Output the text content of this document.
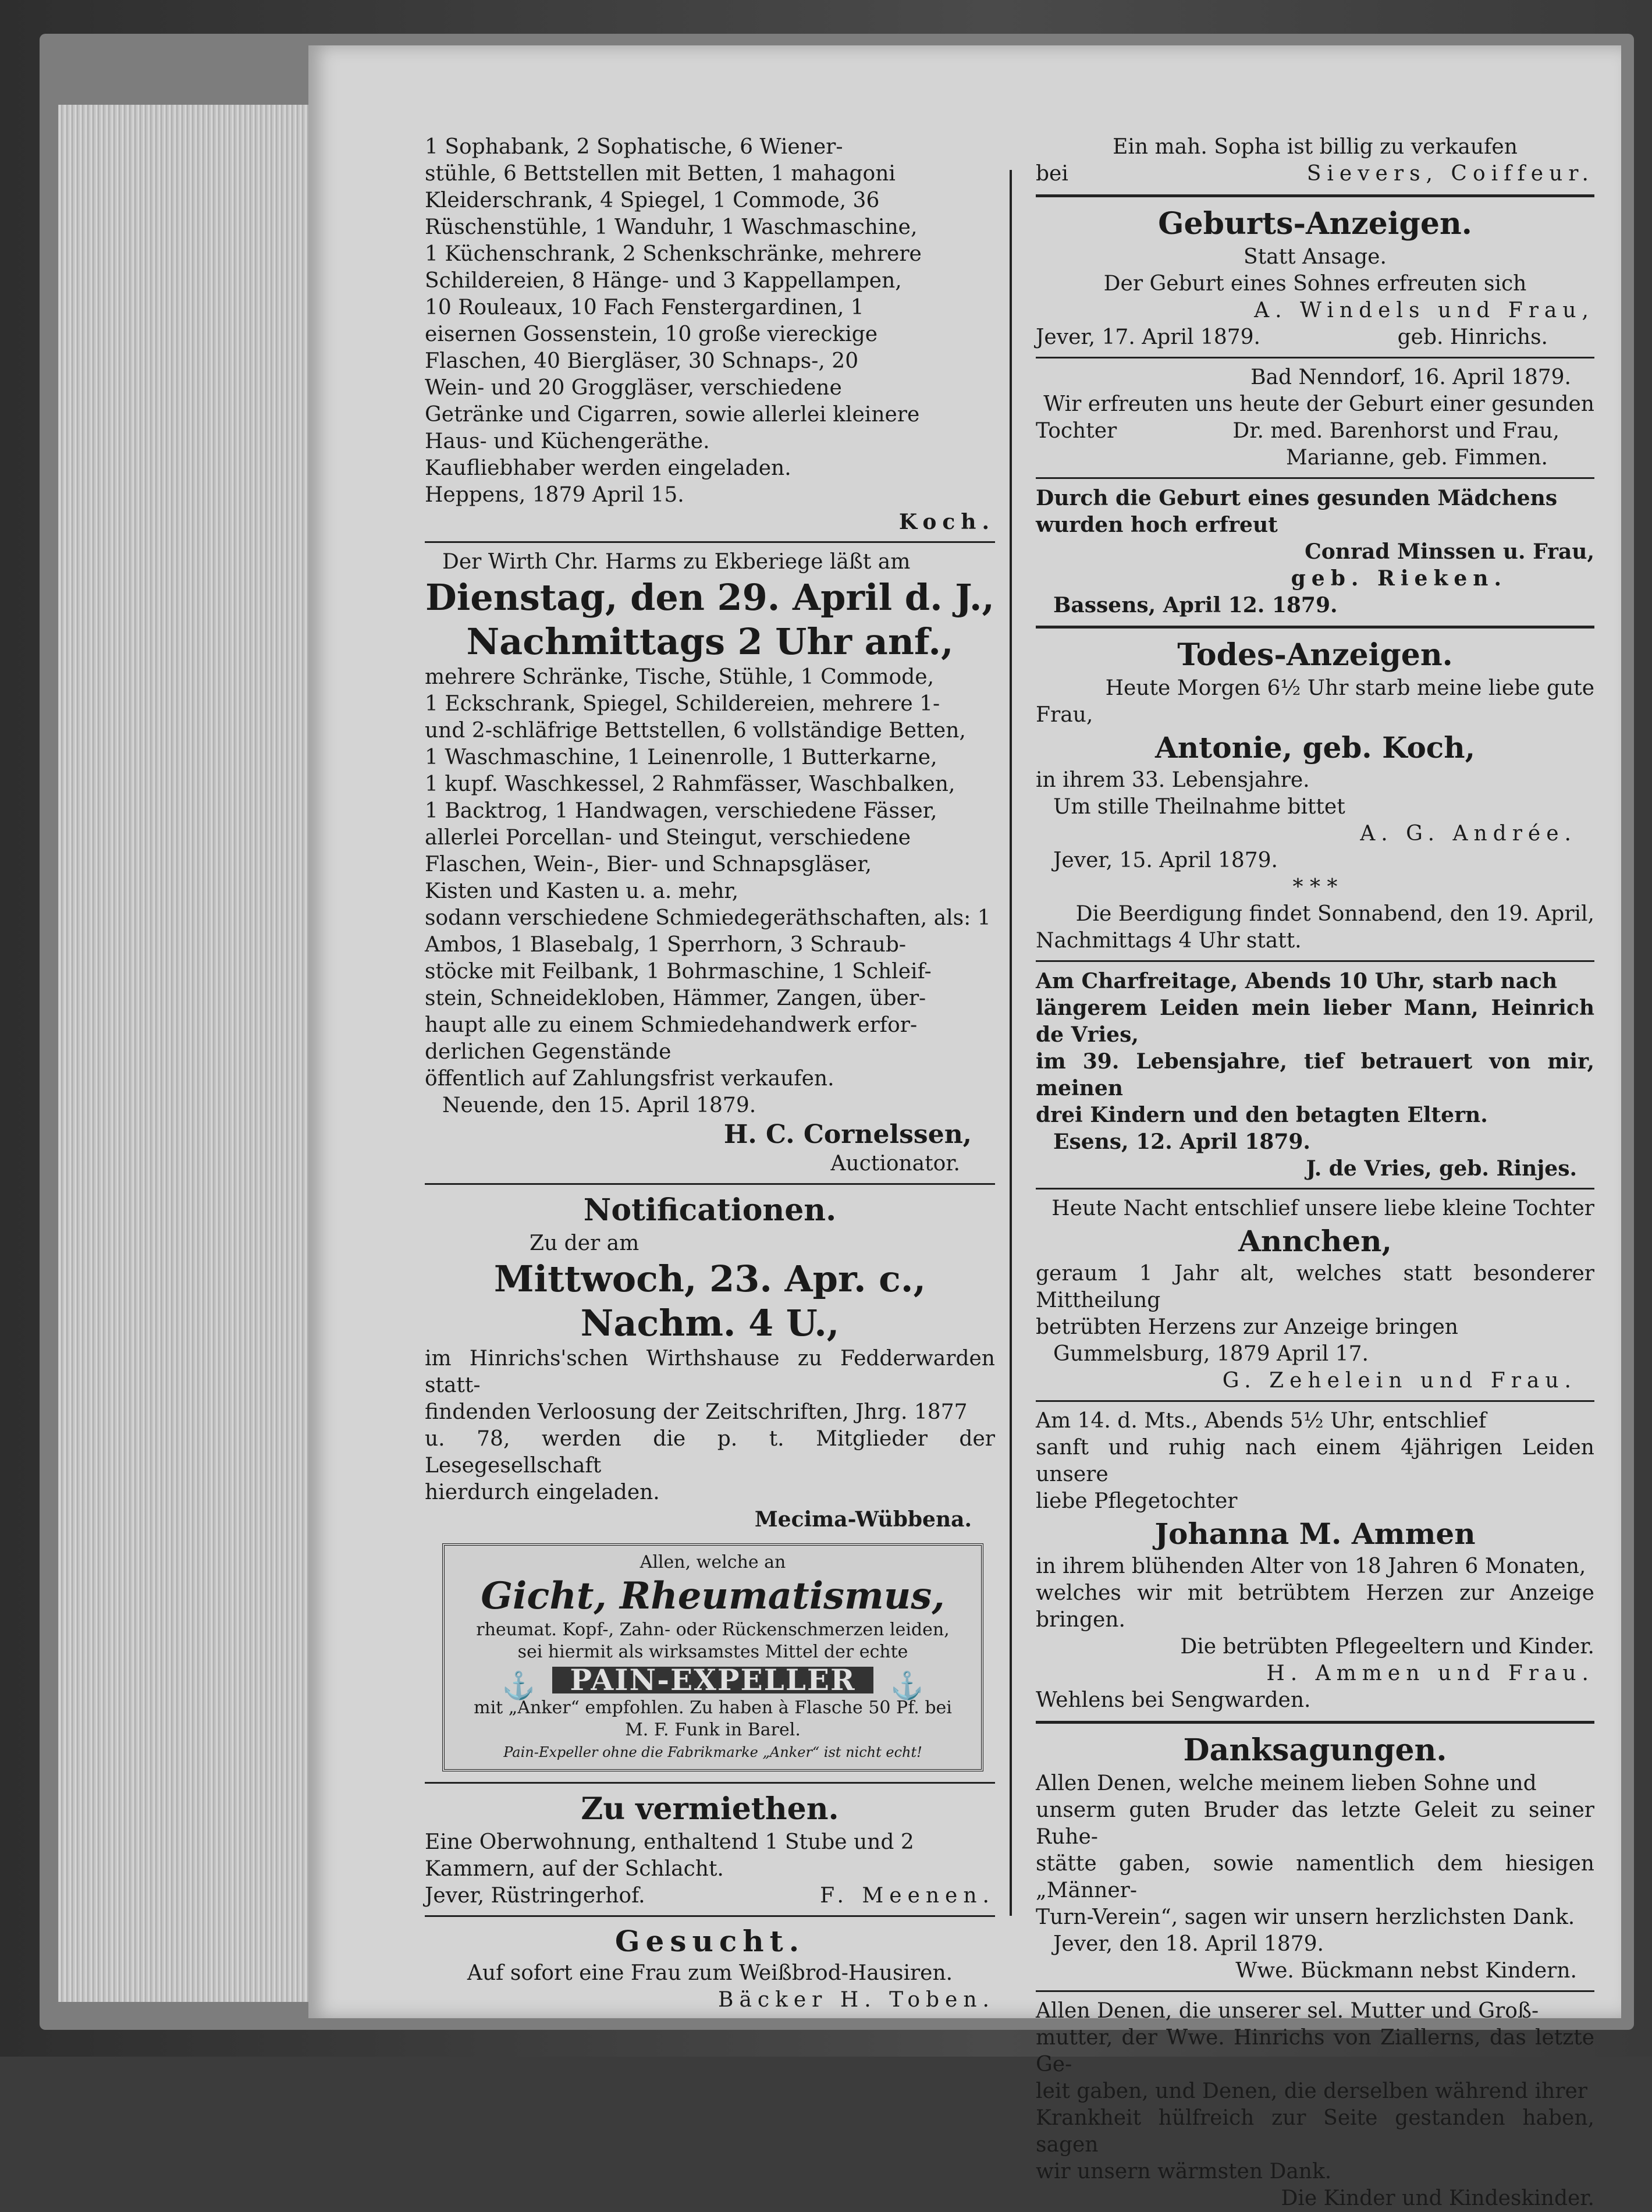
1 Sophabank, 2 Sophatische, 6 Wiener-

stühle, 6 Bettstellen mit Betten, 1 mahagoni

Kleiderschrank, 4 Spiegel, 1 Commode, 36

Rüschenstühle, 1 Wanduhr, 1 Waschmaschine,

1 Küchenschrank, 2 Schenkschränke, mehrere

Schildereien, 8 Hänge- und 3 Kappellampen,

10 Rouleaux, 10 Fach Fenstergardinen, 1

eisernen Gossenstein, 10 große viereckige

Flaschen, 40 Biergläser, 30 Schnaps-, 20

Wein- und 20 Groggläser, verschiedene

Getränke und Cigarren, sowie allerlei kleinere

Haus- und Küchengeräthe.

Kaufliebhaber werden eingeladen.

Heppens, 1879 April 15.

Koch.

Der Wirth Chr. Harms zu Ekberiege läßt am

Dienstag, den 29. April d. J.,

Nachmittags 2 Uhr anf.,

mehrere Schränke, Tische, Stühle, 1 Commode,

1 Eckschrank, Spiegel, Schildereien, mehrere 1-

und 2-schläfrige Bettstellen, 6 vollständige Betten,

1 Waschmaschine, 1 Leinenrolle, 1 Butterkarne,

1 kupf. Waschkessel, 2 Rahmfässer, Waschbalken,

1 Backtrog, 1 Handwagen, verschiedene Fässer,

allerlei Porcellan- und Steingut, verschiedene

Flaschen, Wein-, Bier- und Schnapsgläser,

Kisten und Kasten u. a. mehr,

sodann verschiedene Schmiedegeräthschaften, als: 1

Ambos, 1 Blasebalg, 1 Sperrhorn, 3 Schraub-

stöcke mit Feilbank, 1 Bohrmaschine, 1 Schleif-

stein, Schneidekloben, Hämmer, Zangen, über-

haupt alle zu einem Schmiedehandwerk erfor-

derlichen Gegenstände

öffentlich auf Zahlungsfrist verkaufen.

Neuende, den 15. April 1879.

H. C. Cornelssen,

Auctionator.

Notificationen.

Zu der am

Mittwoch, 23. Apr. c.,

Nachm. 4 U.,

im Hinrichs'schen Wirthshause zu Fedderwarden statt-

findenden Verloosung der Zeitschriften, Jhrg. 1877

u. 78, werden die p. t. Mitglieder der Lesegesellschaft

hierdurch eingeladen.

Mecima-Wübbena.

Allen, welche an
Gicht, Rheumatismus,
rheumat. Kopf-, Zahn- oder Rückenschmerzen leiden,
sei hiermit als wirksamstes Mittel der echte
⚓ PAIN-EXPELLER ⚓
mit „Anker“ empfohlen. Zu haben à Flasche 50 Pf. bei
M. F. Funk in Barel.
Pain-Expeller ohne die Fabrikmarke „Anker“ ist nicht echt!

Zu vermiethen.

Eine Oberwohnung, enthaltend 1 Stube und 2

Kammern, auf der Schlacht.

Jever, Rüstringerhof.	F. Meenen.

Gesucht.

Auf sofort eine Frau zum Weißbrod-Hausiren.

Bäcker H. Toben.

Ein mah. Sopha ist billig zu verkaufen

bei	Sievers, Coiffeur.

Geburts-Anzeigen.

Statt Ansage.

Der Geburt eines Sohnes erfreuten sich

A. Windels und Frau,

Jever, 17. April 1879.	geb. Hinrichs.

Bad Nenndorf, 16. April 1879.

Wir erfreuten uns heute der Geburt einer gesunden

Tochter	Dr. med. Barenhorst und Frau,

Marianne, geb. Fimmen.

Durch die Geburt eines gesunden Mädchens

wurden hoch erfreut

Conrad Minssen u. Frau,

geb. Rieken.

Bassens, April 12. 1879.

Todes-Anzeigen.

Heute Morgen 6½ Uhr starb meine liebe gute

Frau,

Antonie, geb. Koch,

in ihrem 33. Lebensjahre.

Um stille Theilnahme bittet

A. G. Andrée.

Jever, 15. April 1879.

* * *

Die Beerdigung findet Sonnabend, den 19. April,

Nachmittags 4 Uhr statt.

Am Charfreitage, Abends 10 Uhr, starb nach

längerem Leiden mein lieber Mann, Heinrich de Vries,

im 39. Lebensjahre, tief betrauert von mir, meinen

drei Kindern und den betagten Eltern.

Esens, 12. April 1879.

J. de Vries, geb. Rinjes.

Heute Nacht entschlief unsere liebe kleine Tochter

Annchen,

geraum 1 Jahr alt, welches statt besonderer Mittheilung

betrübten Herzens zur Anzeige bringen

Gummelsburg, 1879 April 17.

G. Zehelein und Frau.

Am 14. d. Mts., Abends 5½ Uhr, entschlief

sanft und ruhig nach einem 4jährigen Leiden unsere

liebe Pflegetochter

Johanna M. Ammen

in ihrem blühenden Alter von 18 Jahren 6 Monaten,

welches wir mit betrübtem Herzen zur Anzeige bringen.

Die betrübten Pflegeeltern und Kinder.

H. Ammen und Frau.

Wehlens bei Sengwarden.

Danksagungen.

Allen Denen, welche meinem lieben Sohne und

unserm guten Bruder das letzte Geleit zu seiner Ruhe-

stätte gaben, sowie namentlich dem hiesigen „Männer-

Turn-Verein“, sagen wir unsern herzlichsten Dank.

Jever, den 18. April 1879.

Wwe. Bückmann nebst Kindern.

Allen Denen, die unserer sel. Mutter und Groß-

mutter, der Wwe. Hinrichs von Ziallerns, das letzte Ge-

leit gaben, und Denen, die derselben während ihrer

Krankheit hülfreich zur Seite gestanden haben, sagen

wir unsern wärmsten Dank.

Die Kinder und Kindeskinder.
